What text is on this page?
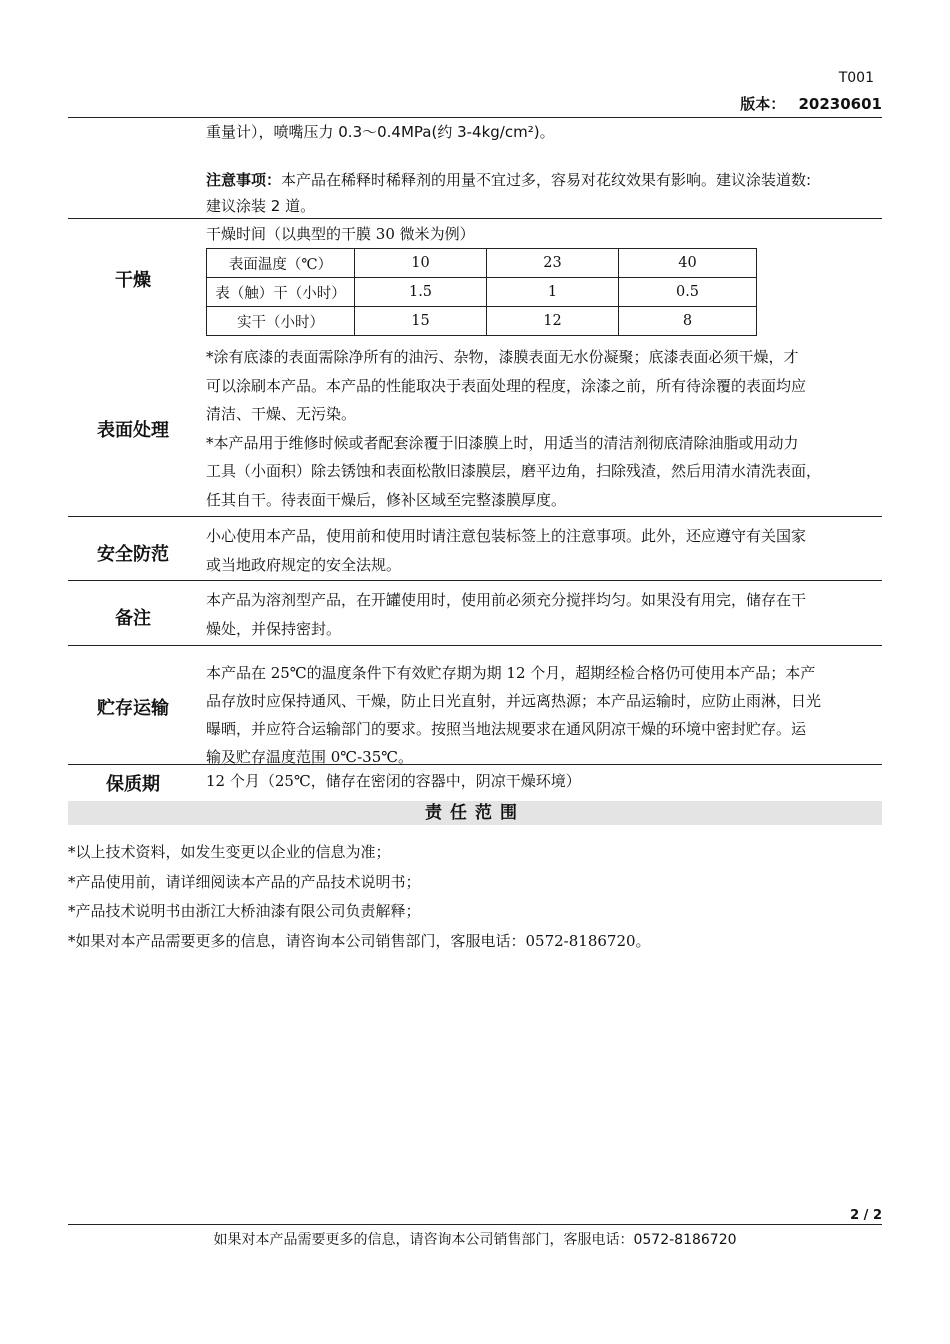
T001
版本： 20230601

重量计），喷嘴压力 0.3～0.4MPa(约 3-4kg/cm²)。

注意事项：本产品在稀释时稀释剂的用量不宜过多，容易对花纹效果有影响。建议涂装道数:

建议涂装 2 道。

干燥
干燥时间（以典型的干膜 30 微米为例）
表面温度（℃）	10	23	40
表（触）干（小时）	1.5	1	0.5
实干（小时）	15	12	8
表面处理

*涂有底漆的表面需除净所有的油污、杂物，漆膜表面无水份凝聚；底漆表面必须干燥，才

可以涂刷本产品。本产品的性能取决于表面处理的程度，涂漆之前，所有待涂覆的表面均应

清洁、干燥、无污染。

*本产品用于维修时候或者配套涂覆于旧漆膜上时，用适当的清洁剂彻底清除油脂或用动力

工具（小面积）除去锈蚀和表面松散旧漆膜层，磨平边角，扫除残渣，然后用清水清洗表面，

任其自干。待表面干燥后，修补区域至完整漆膜厚度。

安全防范

小心使用本产品，使用前和使用时请注意包装标签上的注意事项。此外，还应遵守有关国家

或当地政府规定的安全法规。

备注

本产品为溶剂型产品，在开罐使用时，使用前必须充分搅拌均匀。如果没有用完，储存在干

燥处，并保持密封。

贮存运输

本产品在 25℃的温度条件下有效贮存期为期 12 个月，超期经检合格仍可使用本产品；本产

品存放时应保持通风、干燥，防止日光直射，并远离热源；本产品运输时，应防止雨淋，日光

曝晒，并应符合运输部门的要求。按照当地法规要求在通风阴凉干燥的环境中密封贮存。运

输及贮存温度范围 0℃-35℃。

保质期	12 个月（25℃，储存在密闭的容器中，阴凉干燥环境）
责任范围

*以上技术资料，如发生变更以企业的信息为准；

*产品使用前，请详细阅读本产品的产品技术说明书；

*产品技术说明书由浙江大桥油漆有限公司负责解释；

*如果对本产品需要更多的信息，请咨询本公司销售部门，客服电话：0572-8186720。

2 / 2
如果对本产品需要更多的信息，请咨询本公司销售部门，客服电话：0572-8186720
